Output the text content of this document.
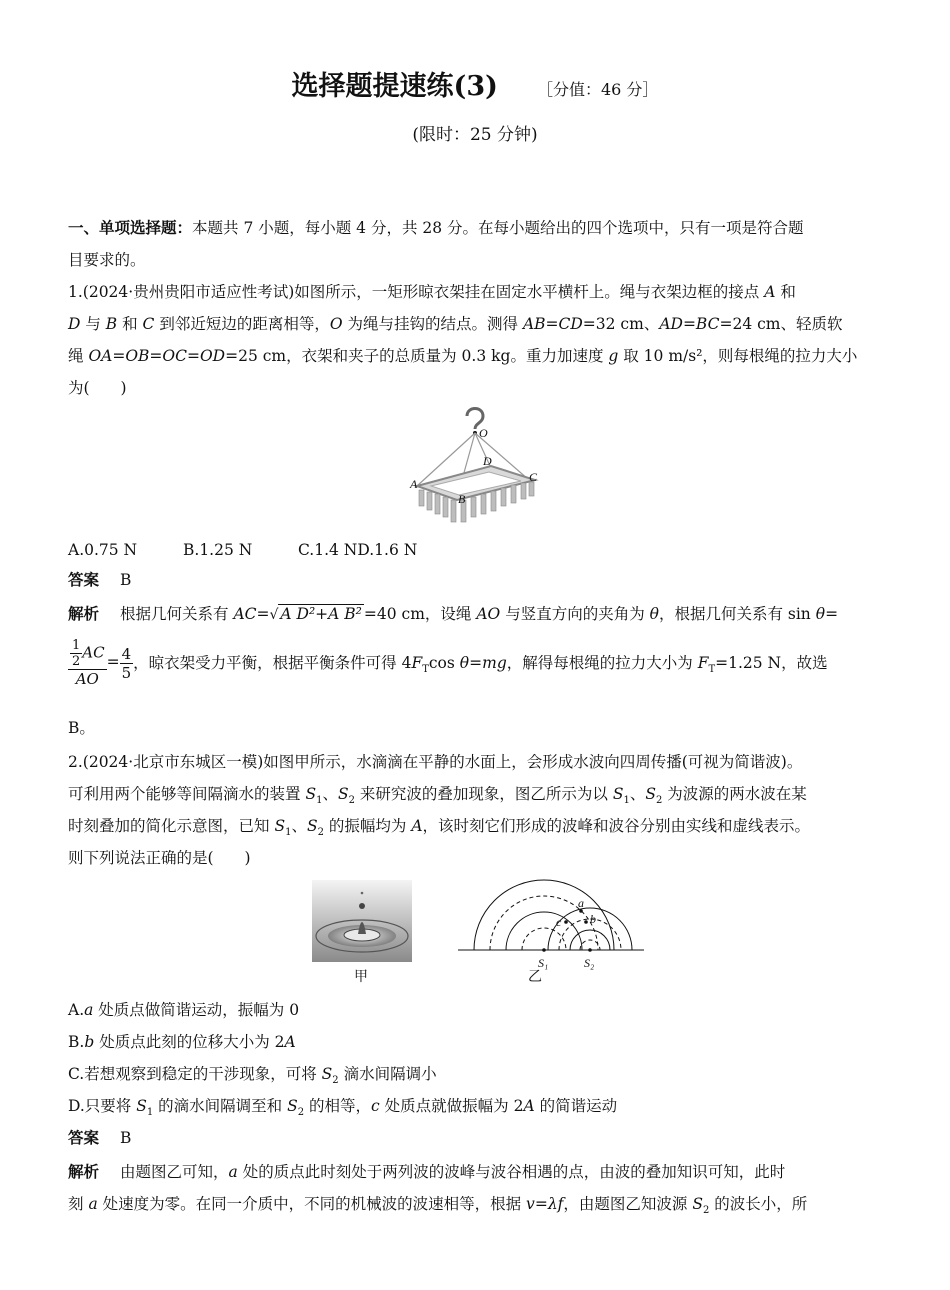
选择题提速练(3) ［分值：46 分］
(限时：25 分钟)
一、单项选择题：本题共 7 小题，每小题 4 分，共 28 分。在每小题给出的四个选项中，只有一项是符合题
目要求的。
1.(2024·贵州贵阳市适应性考试)如图所示，一矩形晾衣架挂在固定水平横杆上。绳与衣架边框的接点 A 和
D 与 B 和 C 到邻近短边的距离相等，O 为绳与挂钩的结点。测得 AB=CD=32 cm、AD=BC=24 cm、轻质软
绳 OA=OB=OC=OD=25 cm，衣架和夹子的总质量为 0.3 kg。重力加速度 g 取 10 m/s²，则每根绳的拉力大小
为(　　)
O
D
C
A
B
A.0.75 N	B.1.25 N	C.1.4 ND.1.6 N
答案 B
解析 根据几何关系有 AC=√ A D²+A B² =40 cm，设绳 AO 与竖直方向的夹角为 θ，根据几何关系有 sin θ=
$\frac{\frac{1}{2} AC}{AO} = \frac{4}{5}$ ，晾衣架受力平衡，根据平衡条件可得 $4F_T\cos$ θ=mg，解得每根绳的拉力大小为 $F_T=1.25$ N，故选
B。
2.(2024·北京市东城区一模)如图甲所示，水滴滴在平静的水面上，会形成水波向四周传播(可视为简谐波)。
可利用两个能够等间隔滴水的装置 $S_1$、$S_2$ 来研究波的叠加现象，图乙所示为以 $S_1$、$S_2$ 为波源的两水波在某
时刻叠加的简化示意图，已知 $S_1$、$S_2$ 的振幅均为 A，该时刻它们形成的波峰和波谷分别由实线和虚线表示。
则下列说法正确的是(　　)
甲
a
b
c
S₁	S₂
乙
A.a 处质点做简谐运动，振幅为 0
B.b 处质点此刻的位移大小为 2A
C.若想观察到稳定的干涉现象，可将 $S_2$ 滴水间隔调小
D.只要将 $S_1$ 的滴水间隔调至和 $S_2$ 的相等，c 处质点就做振幅为 2A 的简谐运动
答案 B
解析 由题图乙可知，a 处的质点此时刻处于两列波的波峰与波谷相遇的点，由波的叠加知识可知，此时
刻 a 处速度为零。在同一介质中，不同的机械波的波速相等，根据 v=λf，由题图乙知波源 $S_2$ 的波长小，所
